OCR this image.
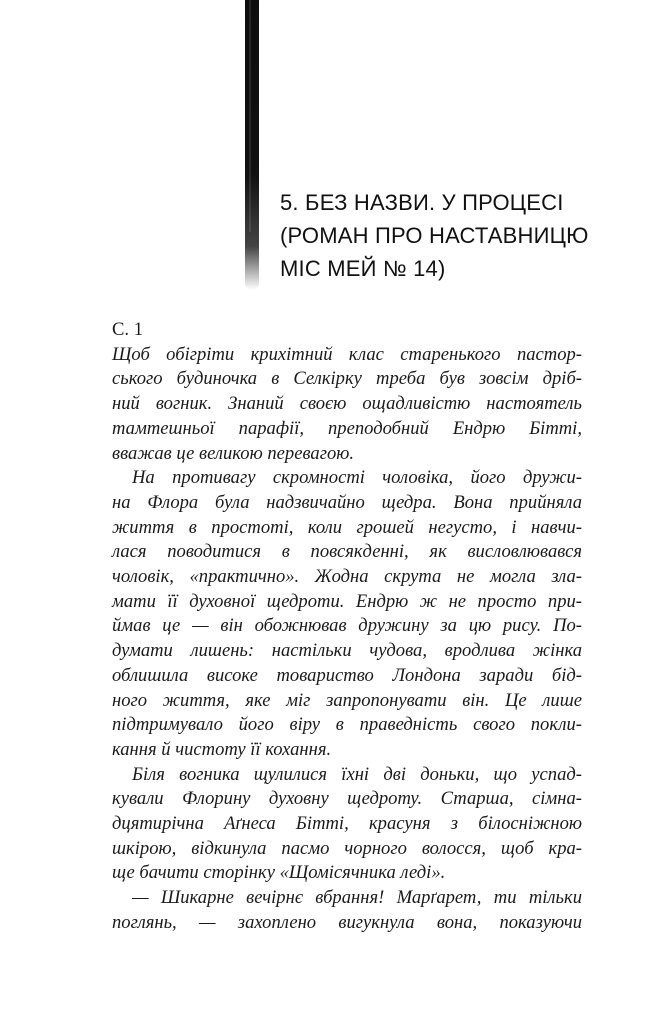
5. БЕЗ НАЗВИ. У ПРОЦЕСІ
(РОМАН ПРО НАСТАВНИЦЮ
МІС МЕЙ № 14)
С. 1
Щоб обігріти крихітний клас старенького пастор-
ського будиночка в Селкірку треба був зовсім дріб-
ний вогник. Знаний своєю ощадливістю настоятель
тамтешньої парафії, преподобний Ендрю Бітті,
вважав це великою перевагою.
На противагу скромності чоловіка, його дружи-
на Флора була надзвичайно щедра. Вона прийняла
життя в простоті, коли грошей негусто, і навчи-
лася поводитися в повсякденні, як висловлювався
чоловік, «практично». Жодна скрута не могла зла-
мати її духовної щедроти. Ендрю ж не просто при-
ймав це — він обожнював дружину за цю рису. По-
думати лишень: настільки чудова, вродлива жінка
облишила високе товариство Лондона заради бід-
ного життя, яке міг запропонувати він. Це лише
підтримувало його віру в праведність свого покли-
кання й чистоту її кохання.
Біля вогника щулилися їхні дві доньки, що успад-
кували Флорину духовну щедроту. Старша, сімна-
дцятирічна Аґнеса Бітті, красуня з білосніжною
шкірою, відкинула пасмо чорного волосся, щоб кра-
ще бачити сторінку «Щомісячника леді».
— Шикарне вечірнє вбрання! Марґарет, ти тільки
поглянь, — захоплено вигукнула вона, показуючи
